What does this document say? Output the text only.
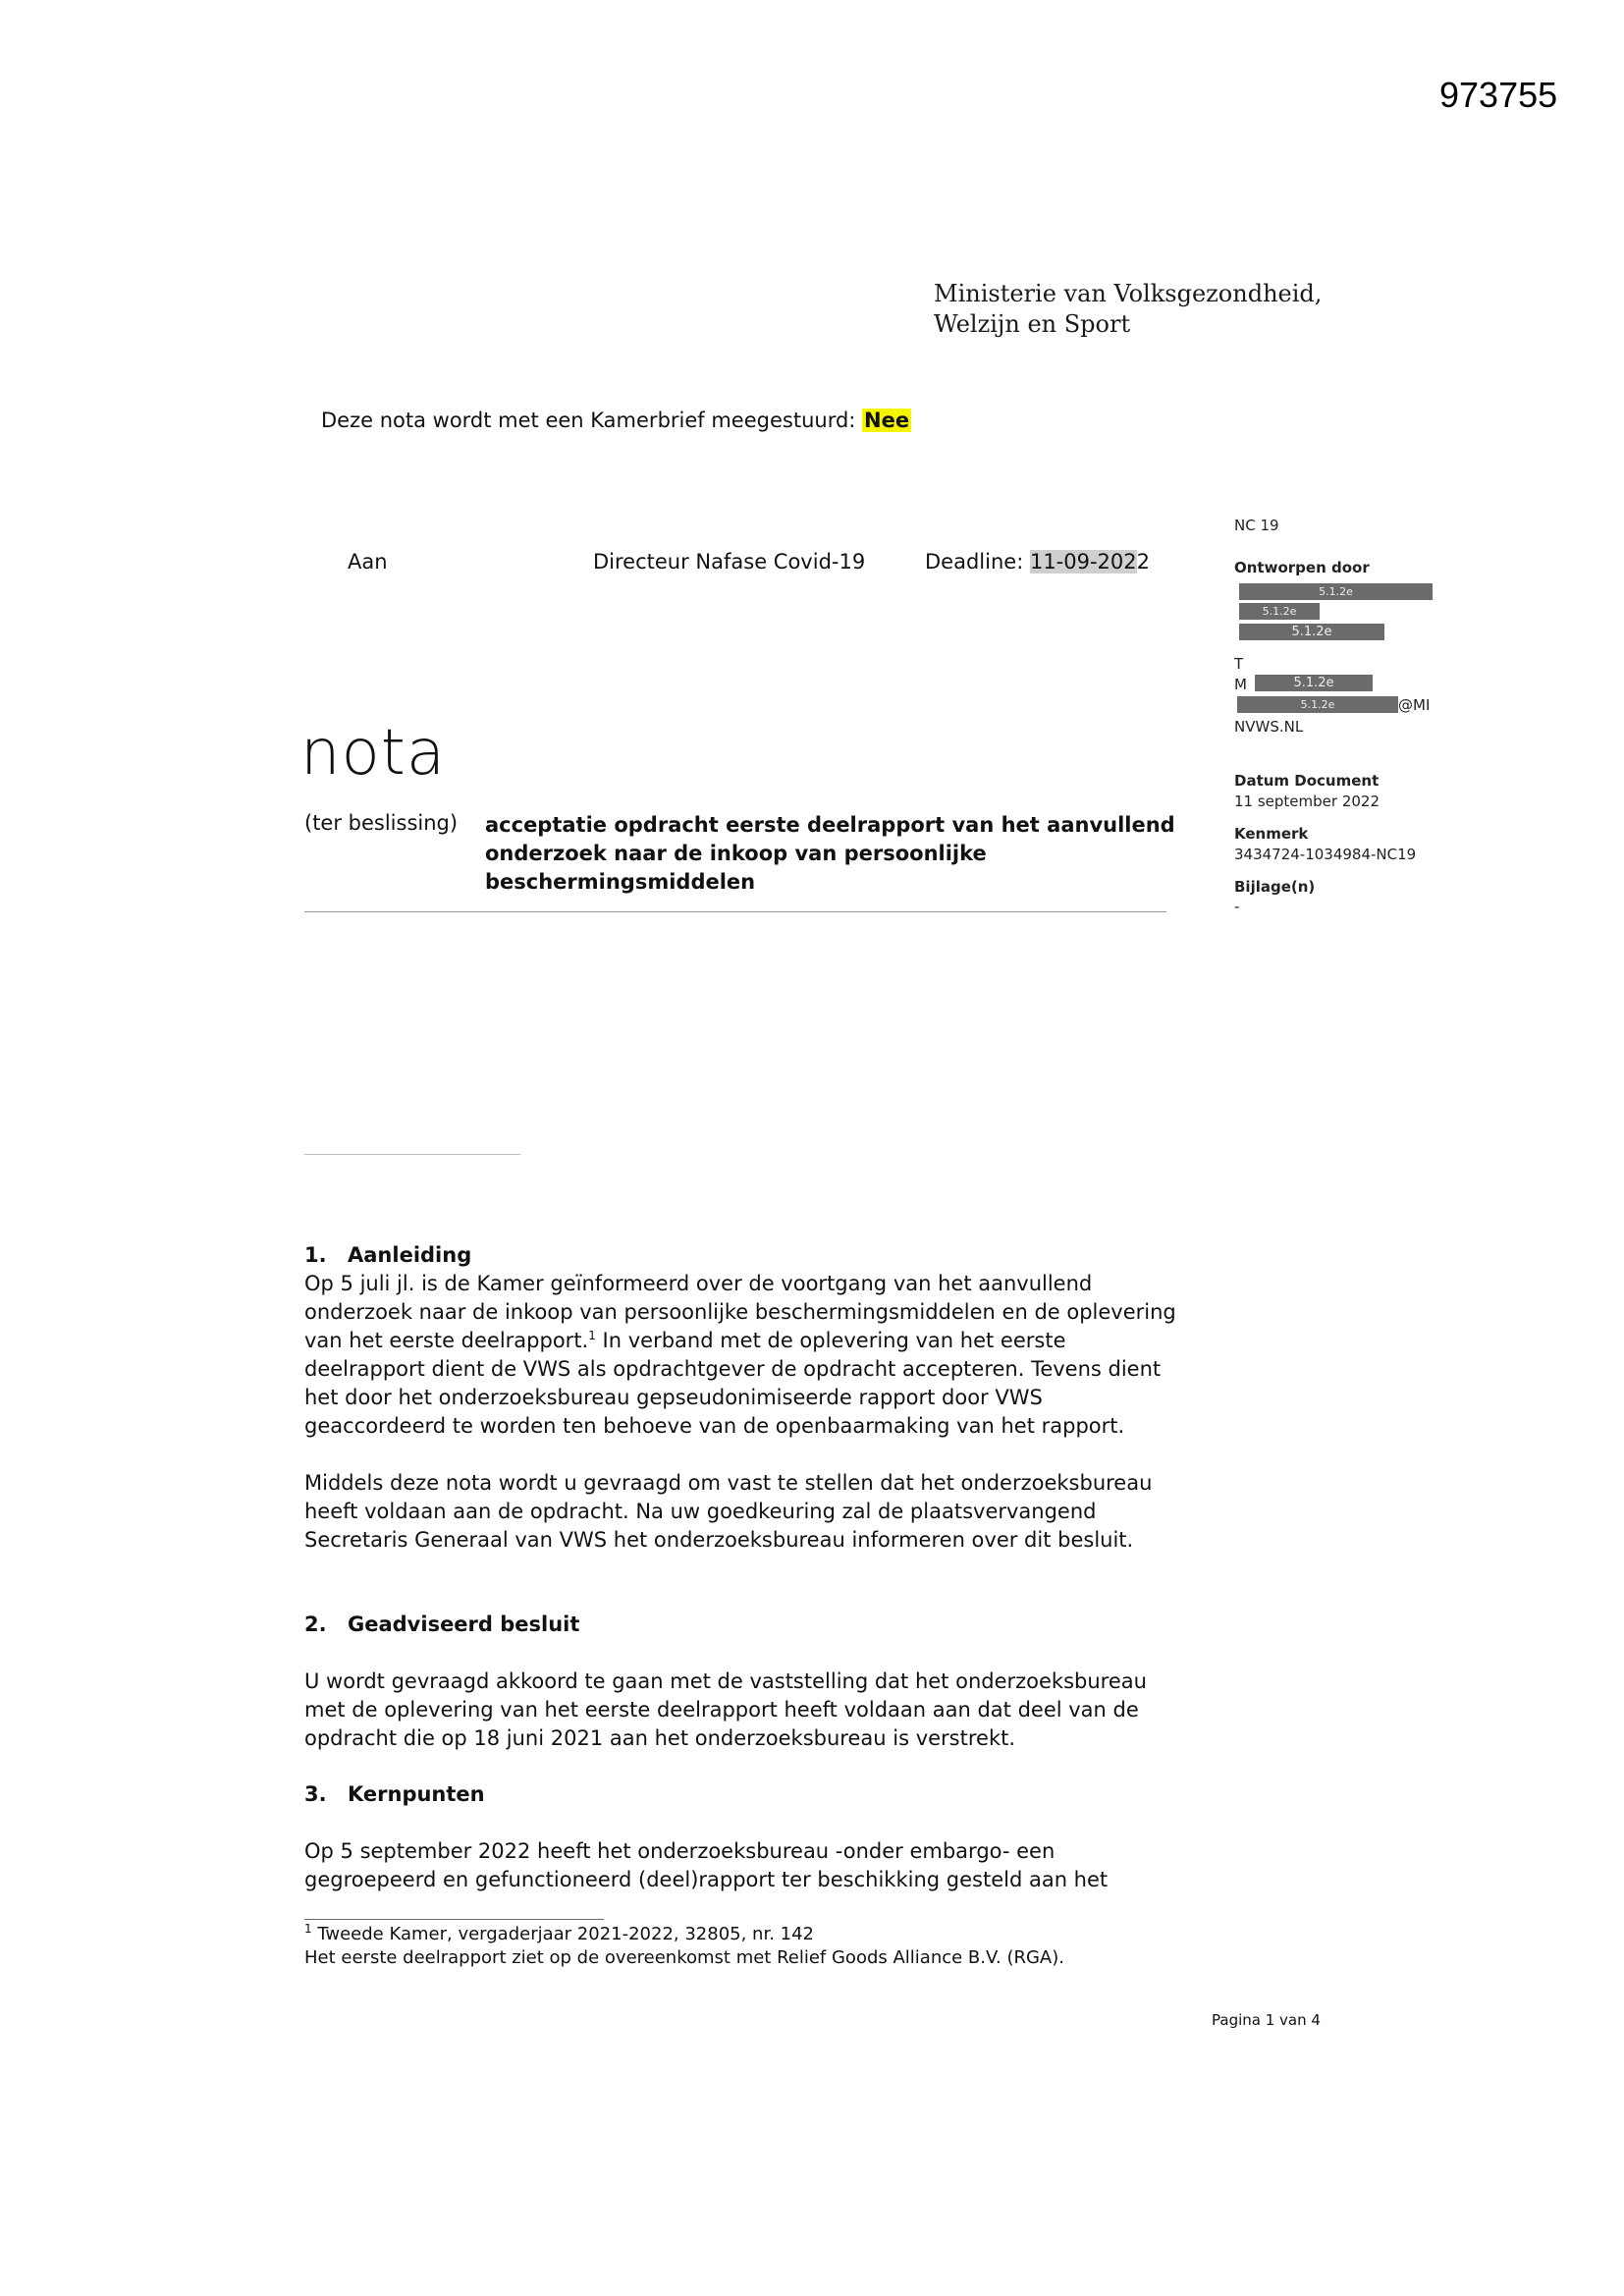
973755
Ministerie van Volksgezondheid,
Welzijn en Sport
Deze nota wordt met een Kamerbrief meegestuurd: Nee
Aan	Directeur Nafase Covid-19	Deadline: 11-09-2022
nota
(ter beslissing) acceptatie opdracht eerste deelrapport van het aanvullend
onderzoek naar de inkoop van persoonlijke
beschermingsmiddelen
NC 19
Ontworpen door
5.1.2e
5.1.2e
5.1.2e
T
M	5.1.2e
5.1.2e	@MI
NVWS.NL
Datum Document
11 september 2022
Kenmerk
3434724-1034984-NC19
Bijlage(n)
-
1. Aanleiding

Op 5 juli jl. is de Kamer geïnformeerd over de voortgang van het aanvullend onderzoek naar de inkoop van persoonlijke beschermingsmiddelen en de oplevering van het eerste deelrapport.$^1$ In verband met de oplevering van het eerste deelrapport dient de VWS als opdrachtgever de opdracht accepteren. Tevens dient het door het onderzoeksbureau gepseudonimiseerde rapport door VWS geaccordeerd te worden ten behoeve van de openbaarmaking van het rapport.

Middels deze nota wordt u gevraagd om vast te stellen dat het onderzoeksbureau heeft voldaan aan de opdracht. Na uw goedkeuring zal de plaatsvervangend Secretaris Generaal van VWS het onderzoeksbureau informeren over dit besluit.

2. Geadviseerd besluit

U wordt gevraagd akkoord te gaan met de vaststelling dat het onderzoeksbureau met de oplevering van het eerste deelrapport heeft voldaan aan dat deel van de opdracht die op 18 juni 2021 aan het onderzoeksbureau is verstrekt.

3. Kernpunten

Op 5 september 2022 heeft het onderzoeksbureau -onder embargo- een gegroepeerd en gefunctioneerd (deel)rapport ter beschikking gesteld aan het

$^1$ Tweede Kamer, vergaderjaar 2021-2022, 32805, nr. 142
Het eerste deelrapport ziet op de overeenkomst met Relief Goods Alliance B.V. (RGA).
Pagina 1 van 4
